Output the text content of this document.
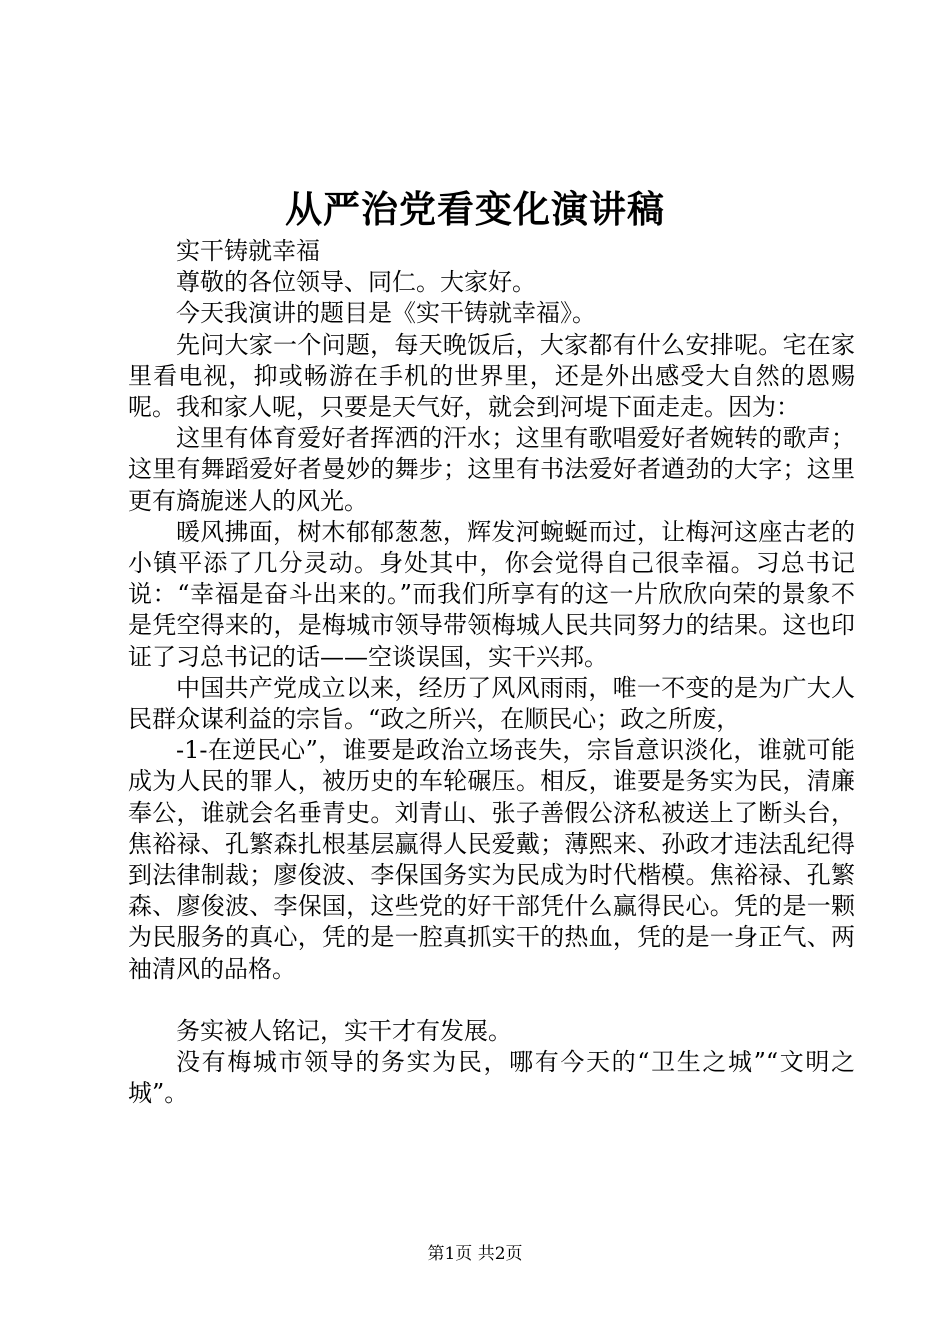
从严治党看变化演讲稿

实干铸就幸福

尊敬的各位领导、同仁。大家好。

今天我演讲的题目是《实干铸就幸福》。

先问大家一个问题，每天晚饭后，大家都有什么安排呢。宅在家里看电视，抑或畅游在手机的世界里，还是外出感受大自然的恩赐呢。我和家人呢，只要是天气好，就会到河堤下面走走。因为：

这里有体育爱好者挥洒的汗水；这里有歌唱爱好者婉转的歌声；这里有舞蹈爱好者曼妙的舞步；这里有书法爱好者遒劲的大字；这里更有旖旎迷人的风光。

暖风拂面，树木郁郁葱葱，辉发河蜿蜒而过，让梅河这座古老的小镇平添了几分灵动。身处其中，你会觉得自己很幸福。习总书记说：“幸福是奋斗出来的。”而我们所享有的这一片欣欣向荣的景象不是凭空得来的，是梅城市领导带领梅城人民共同努力的结果。这也印证了习总书记的话——空谈误国，实干兴邦。

中国共产党成立以来，经历了风风雨雨，唯一不变的是为广大人民群众谋利益的宗旨。“政之所兴，在顺民心；政之所废，

-1-在逆民心”，谁要是政治立场丧失，宗旨意识淡化，谁就可能成为人民的罪人，被历史的车轮碾压。相反，谁要是务实为民，清廉奉公，谁就会名垂青史。刘青山、张子善假公济私被送上了断头台，焦裕禄、孔繁森扎根基层赢得人民爱戴；薄熙来、孙政才违法乱纪得到法律制裁；廖俊波、李保国务实为民成为时代楷模。焦裕禄、孔繁森、廖俊波、李保国，这些党的好干部凭什么赢得民心。凭的是一颗为民服务的真心，凭的是一腔真抓实干的热血，凭的是一身正气、两袖清风的品格。

务实被人铭记，实干才有发展。

没有梅城市领导的务实为民，哪有今天的“卫生之城”“文明之城”。

第1页 共2页
